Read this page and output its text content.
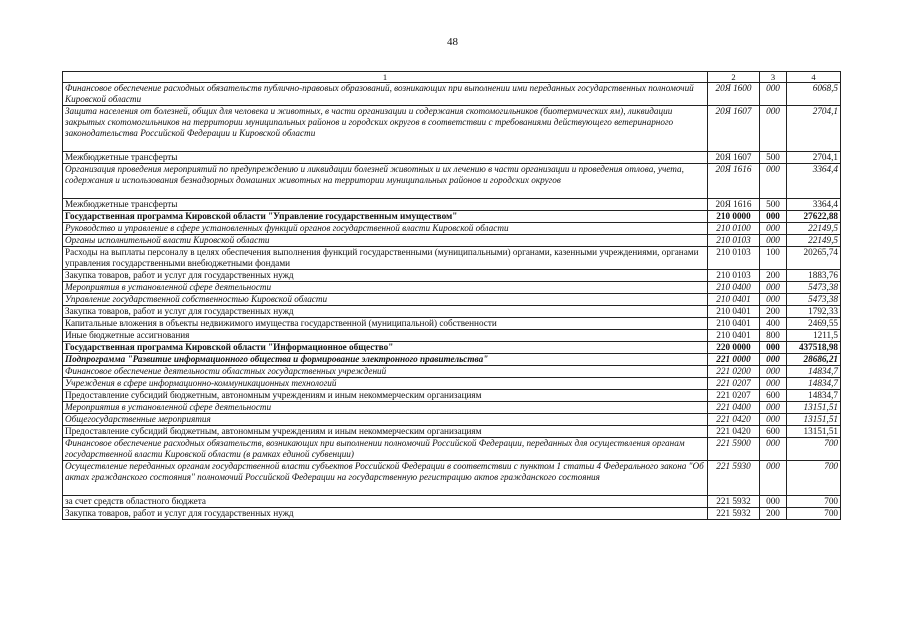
48
1	2	3	4
Финансовое обеспечение расходных обязательств публично-правовых образований, возникающих при выполнении ими переданных государственных полномочий Кировской области	20Я 1600	000	6068,5
Защита населения от болезней, общих для человека и животных, в части организации и содержания скотомогильников (биотермических ям), ликвидации закрытых скотомогильников на территории муниципальных районов и городских округов в соответствии с требованиями действующего ветеринарного законодательства Российской Федерации и Кировской области	20Я 1607	000	2704,1
Межбюджетные трансферты	20Я 1607	500	2704,1
Организация проведения мероприятий по предупреждению и ликвидации болезней животных и их лечению в части организации и проведения отлова, учета, содержания и использования безнадзорных домашних животных на территории муниципальных районов и городских округов	20Я 1616	000	3364,4
Межбюджетные трансферты	20Я 1616	500	3364,4
Государственная программа Кировской области "Управление государственным имуществом"	210 0000	000	27622,88
Руководство и управление в сфере установленных функций органов государственной власти Кировской области	210 0100	000	22149,5
Органы исполнительной власти Кировской области	210 0103	000	22149,5
Расходы на выплаты персоналу в целях обеспечения выполнения функций государственными (муниципальными) органами, казенными учреждениями, органами управления государственными внебюджетными фондами	210 0103	100	20265,74
Закупка товаров, работ и услуг для государственных нужд	210 0103	200	1883,76
Мероприятия в установленной сфере деятельности	210 0400	000	5473,38
Управление государственной собственностью Кировской области	210 0401	000	5473,38
Закупка товаров, работ и услуг для государственных нужд	210 0401	200	1792,33
Капитальные вложения в объекты недвижимого имущества государственной (муниципальной) собственности	210 0401	400	2469,55
Иные бюджетные ассигнования	210 0401	800	1211,5
Государственная программа Кировской области "Информационное общество"	220 0000	000	437518,98
Подпрограмма "Развитие информационного общества и формирование электронного правительства"	221 0000	000	28686,21
Финансовое обеспечение деятельности областных государственных учреждений	221 0200	000	14834,7
Учреждения в сфере информационно-коммуникационных технологий	221 0207	000	14834,7
Предоставление субсидий бюджетным, автономным учреждениям и иным некоммерческим организациям	221 0207	600	14834,7
Мероприятия в установленной сфере деятельности	221 0400	000	13151,51
Общегосударственные мероприятия	221 0420	000	13151,51
Предоставление субсидий бюджетным, автономным учреждениям и иным некоммерческим организациям	221 0420	600	13151,51
Финансовое обеспечение расходных обязательств, возникающих при выполнении полномочий Российской Федерации, переданных для осуществления органам государственной власти Кировской области (в рамках единой субвенции)	221 5900	000	700
Осуществление переданных органам государственной власти субъектов Российской Федерации в соответствии с пунктом 1 статьи 4 Федерального закона "Об актах гражданского состояния" полномочий Российской Федерации на государственную регистрацию актов гражданского состояния	221 5930	000	700
за счет средств областного бюджета	221 5932	000	700
Закупка товаров, работ и услуг для государственных нужд	221 5932	200	700
